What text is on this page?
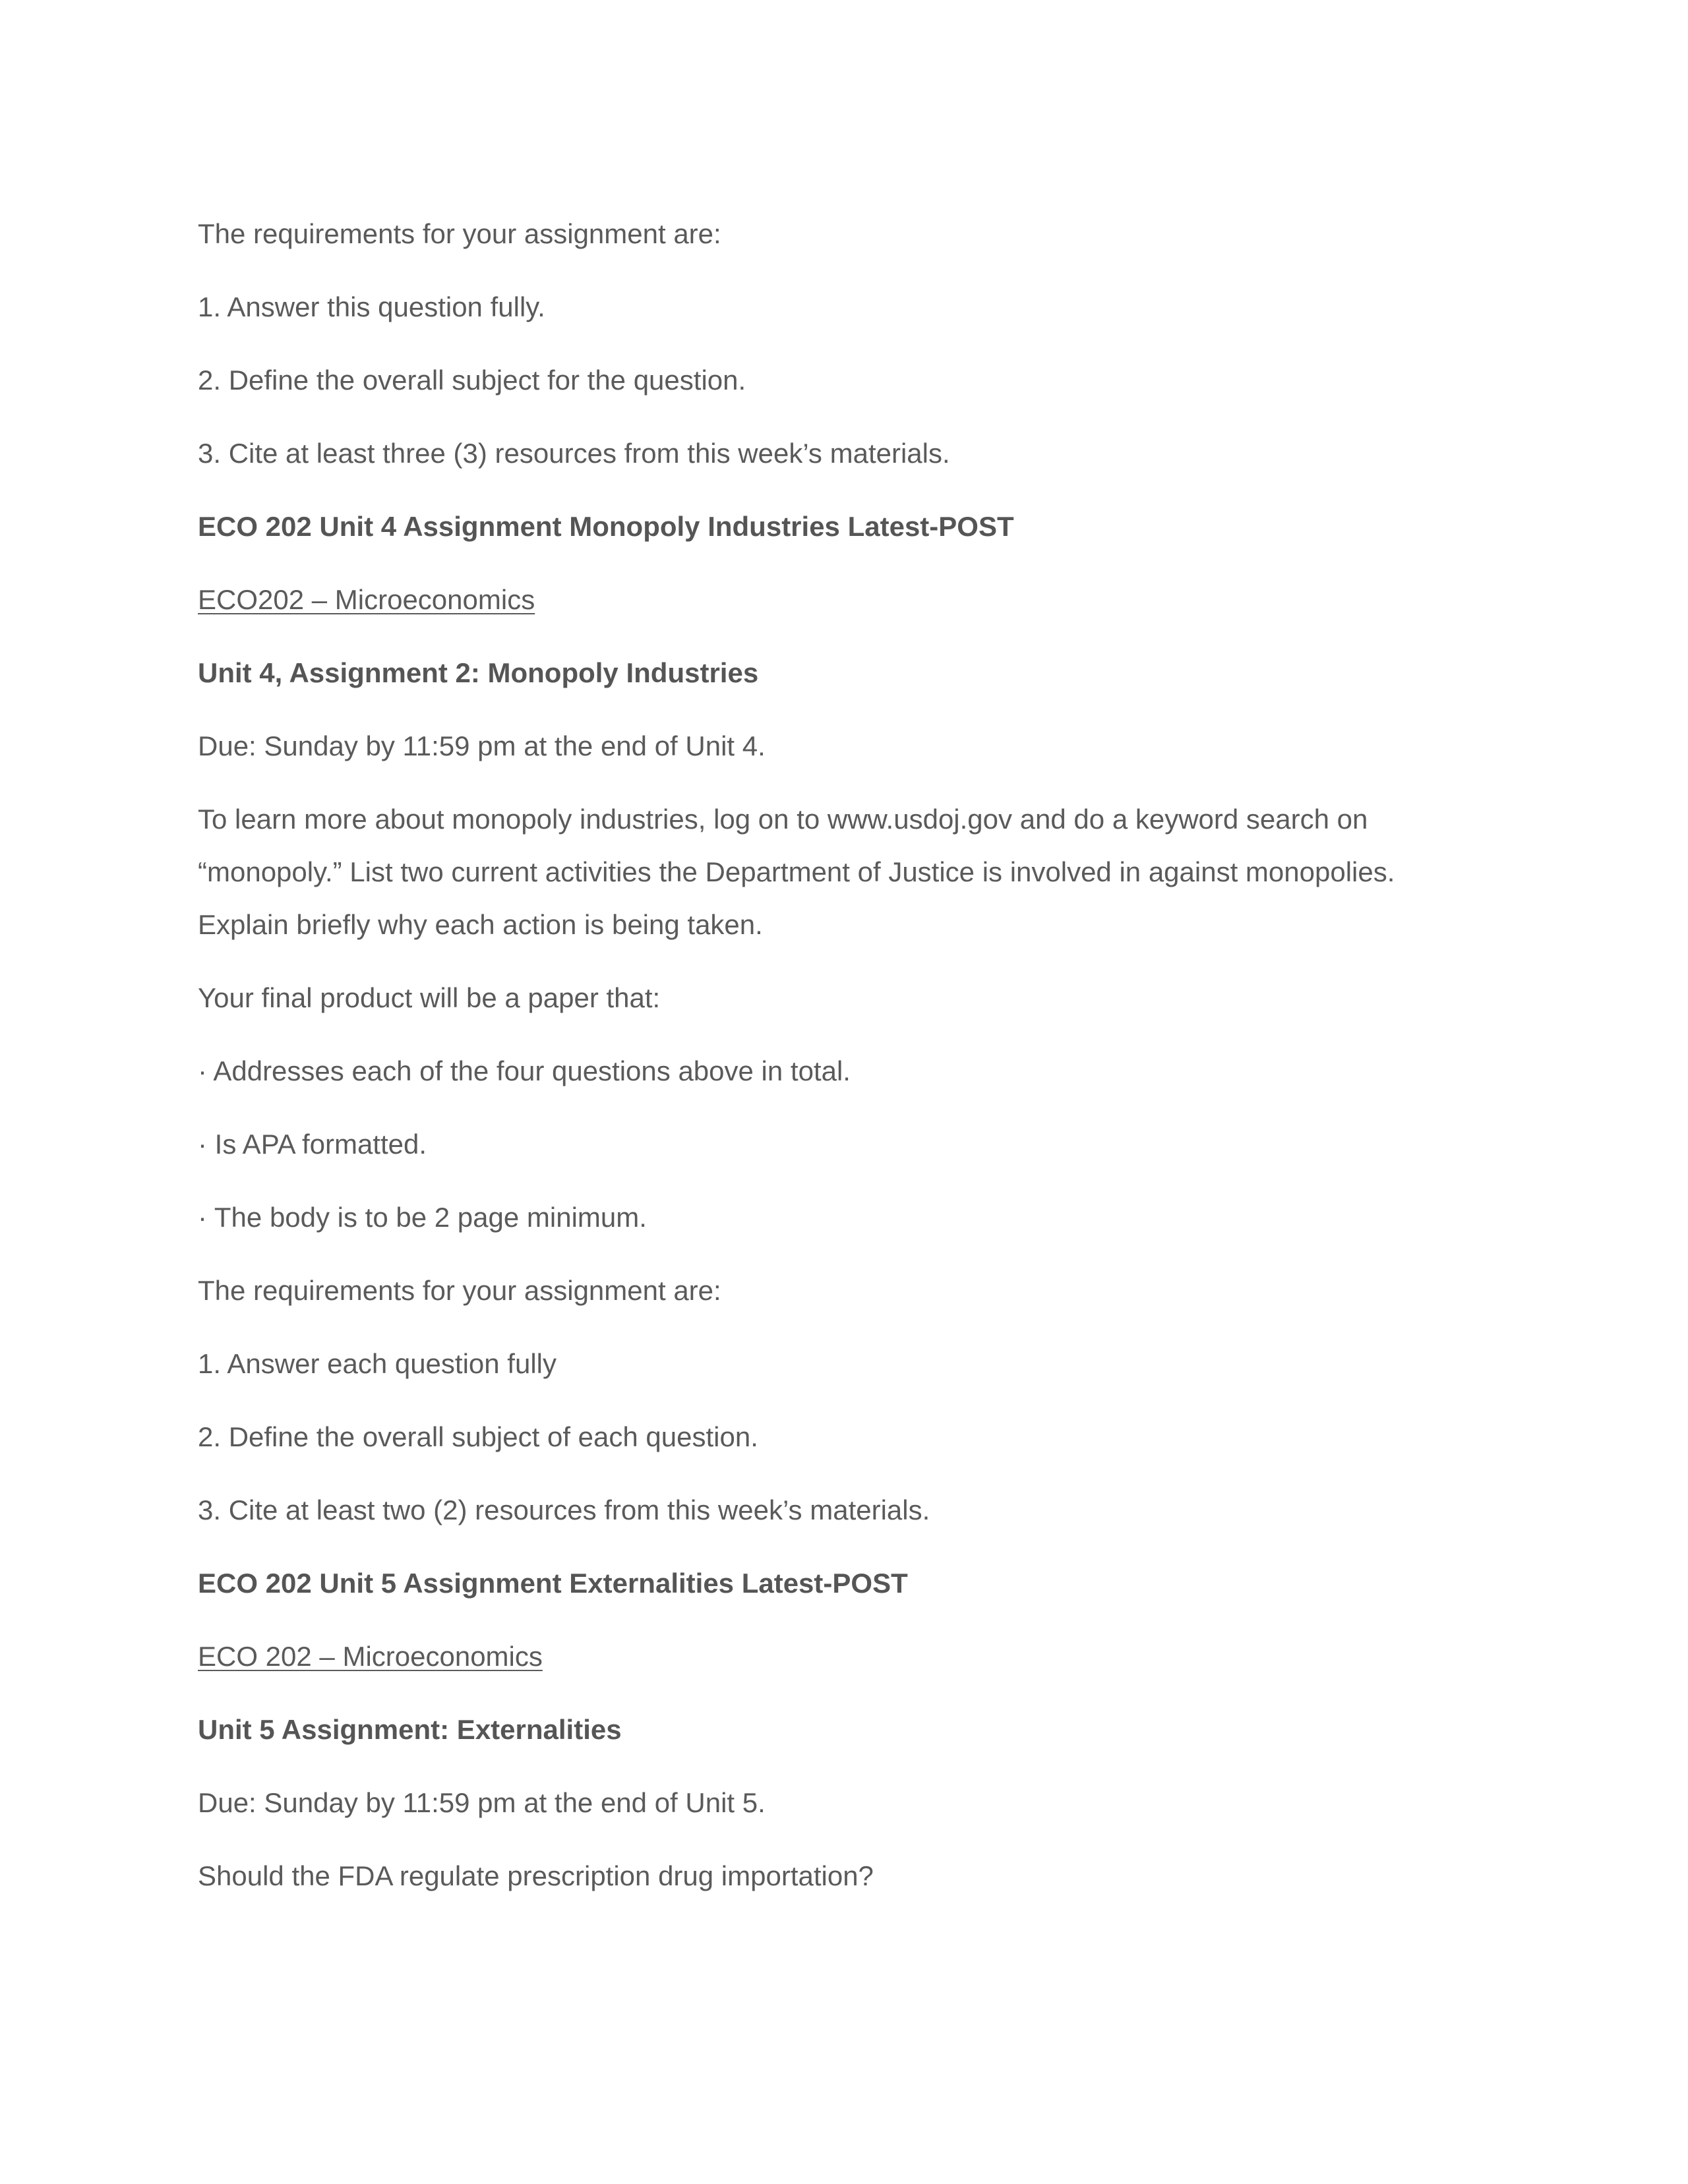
The requirements for your assignment are:

1. Answer this question fully.

2. Define the overall subject for the question.

3. Cite at least three (3) resources from this week’s materials.

ECO 202 Unit 4 Assignment Monopoly Industries Latest-POST

ECO202 – Microeconomics

Unit 4, Assignment 2: Monopoly Industries

Due: Sunday by 11:59 pm at the end of Unit 4.

To learn more about monopoly industries, log on to www.usdoj.gov and do a keyword search on

“monopoly.” List two current activities the Department of Justice is involved in against monopolies.

Explain briefly why each action is being taken.

Your final product will be a paper that:

· Addresses each of the four questions above in total.

· Is APA formatted.

· The body is to be 2 page minimum.

The requirements for your assignment are:

1. Answer each question fully

2. Define the overall subject of each question.

3. Cite at least two (2) resources from this week’s materials.

ECO 202 Unit 5 Assignment Externalities Latest-POST

ECO 202 – Microeconomics

Unit 5 Assignment: Externalities

Due: Sunday by 11:59 pm at the end of Unit 5.

Should the FDA regulate prescription drug importation?
